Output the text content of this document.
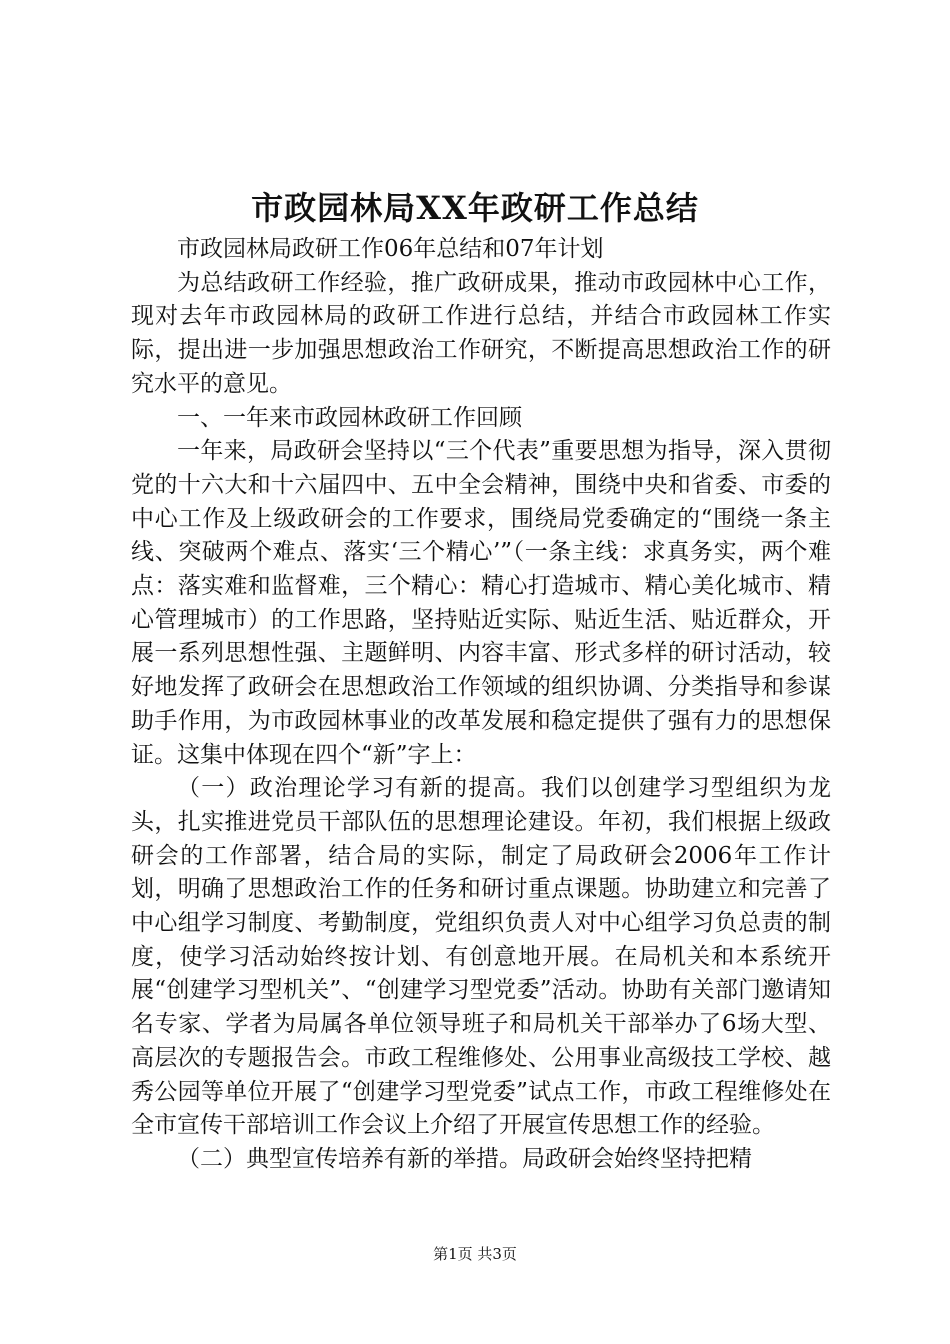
市政园林局XX年政研工作总结

市政园林局政研工作06年总结和07年计划

为总结政研工作经验，推广政研成果，推动市政园林中心工作，现对去年市政园林局的政研工作进行总结，并结合市政园林工作实际，提出进一步加强思想政治工作研究，不断提高思想政治工作的研究水平的意见。

一、一年来市政园林政研工作回顾

一年来，局政研会坚持以“三个代表”重要思想为指导，深入贯彻党的十六大和十六届四中、五中全会精神，围绕中央和省委、市委的中心工作及上级政研会的工作要求，围绕局党委确定的“围绕一条主线、突破两个难点、落实‘三个精心’”（一条主线：求真务实，两个难点：落实难和监督难，三个精心：精心打造城市、精心美化城市、精心管理城市）的工作思路，坚持贴近实际、贴近生活、贴近群众，开展一系列思想性强、主题鲜明、内容丰富、形式多样的研讨活动，较好地发挥了政研会在思想政治工作领域的组织协调、分类指导和参谋助手作用，为市政园林事业的改革发展和稳定提供了强有力的思想保证。这集中体现在四个“新”字上：

（一）政治理论学习有新的提高。我们以创建学习型组织为龙头，扎实推进党员干部队伍的思想理论建设。年初，我们根据上级政研会的工作部署，结合局的实际，制定了局政研会2006年工作计划，明确了思想政治工作的任务和研讨重点课题。协助建立和完善了中心组学习制度、考勤制度，党组织负责人对中心组学习负总责的制度，使学习活动始终按计划、有创意地开展。在局机关和本系统开展“创建学习型机关”、“创建学习型党委”活动。协助有关部门邀请知名专家、学者为局属各单位领导班子和局机关干部举办了6场大型、高层次的专题报告会。市政工程维修处、公用事业高级技工学校、越秀公园等单位开展了“创建学习型党委”试点工作，市政工程维修处在全市宣传干部培训工作会议上介绍了开展宣传思想工作的经验。

（二）典型宣传培养有新的举措。局政研会始终坚持把精

第1页 共3页
